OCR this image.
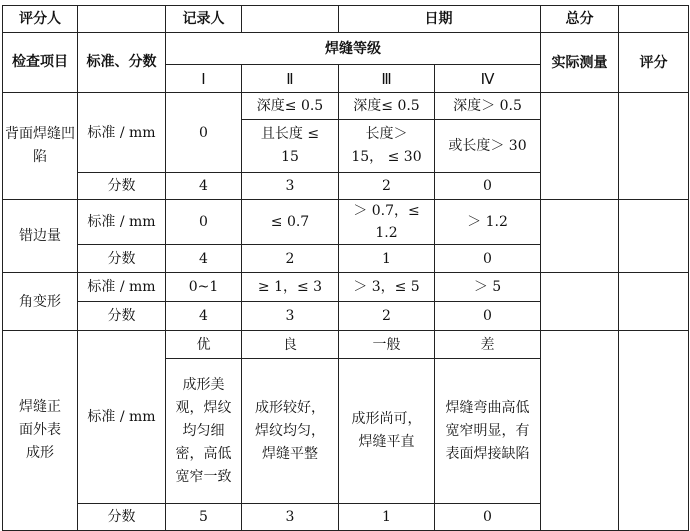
评分人		记录人		日期		总分	
检查项目	标准、分数	焊缝等级				实际测量	评分
		Ⅰ	Ⅱ	Ⅲ	Ⅳ		
背面焊缝凹陷	标准 / mm	0	深度≤ 0.5	深度≤ 0.5	深度＞ 0.5		
			且长度 ≤ 15	长度＞ 15， ≤ 30	或长度＞ 30		
	分数	4	3	2	0		
错边量	标准 / mm	0	≤ 0.7	＞ 0.7，≤ 1.2	＞ 1.2		
	分数	4	2	1	0		
角变形	标准 / mm	0~1	≥ 1，≤ 3	＞ 3，≤ 5	＞ 5		
	分数	4	3	2	0		
焊缝正面外表成形	标准 / mm	优	良	一般	差		
		成形美观，焊纹均匀细密，高低宽窄一致	成形较好，焊纹均匀，焊缝平整	成形尚可，焊缝平直	焊缝弯曲高低宽窄明显，有表面焊接缺陷		
	分数	5	3	1	0		
